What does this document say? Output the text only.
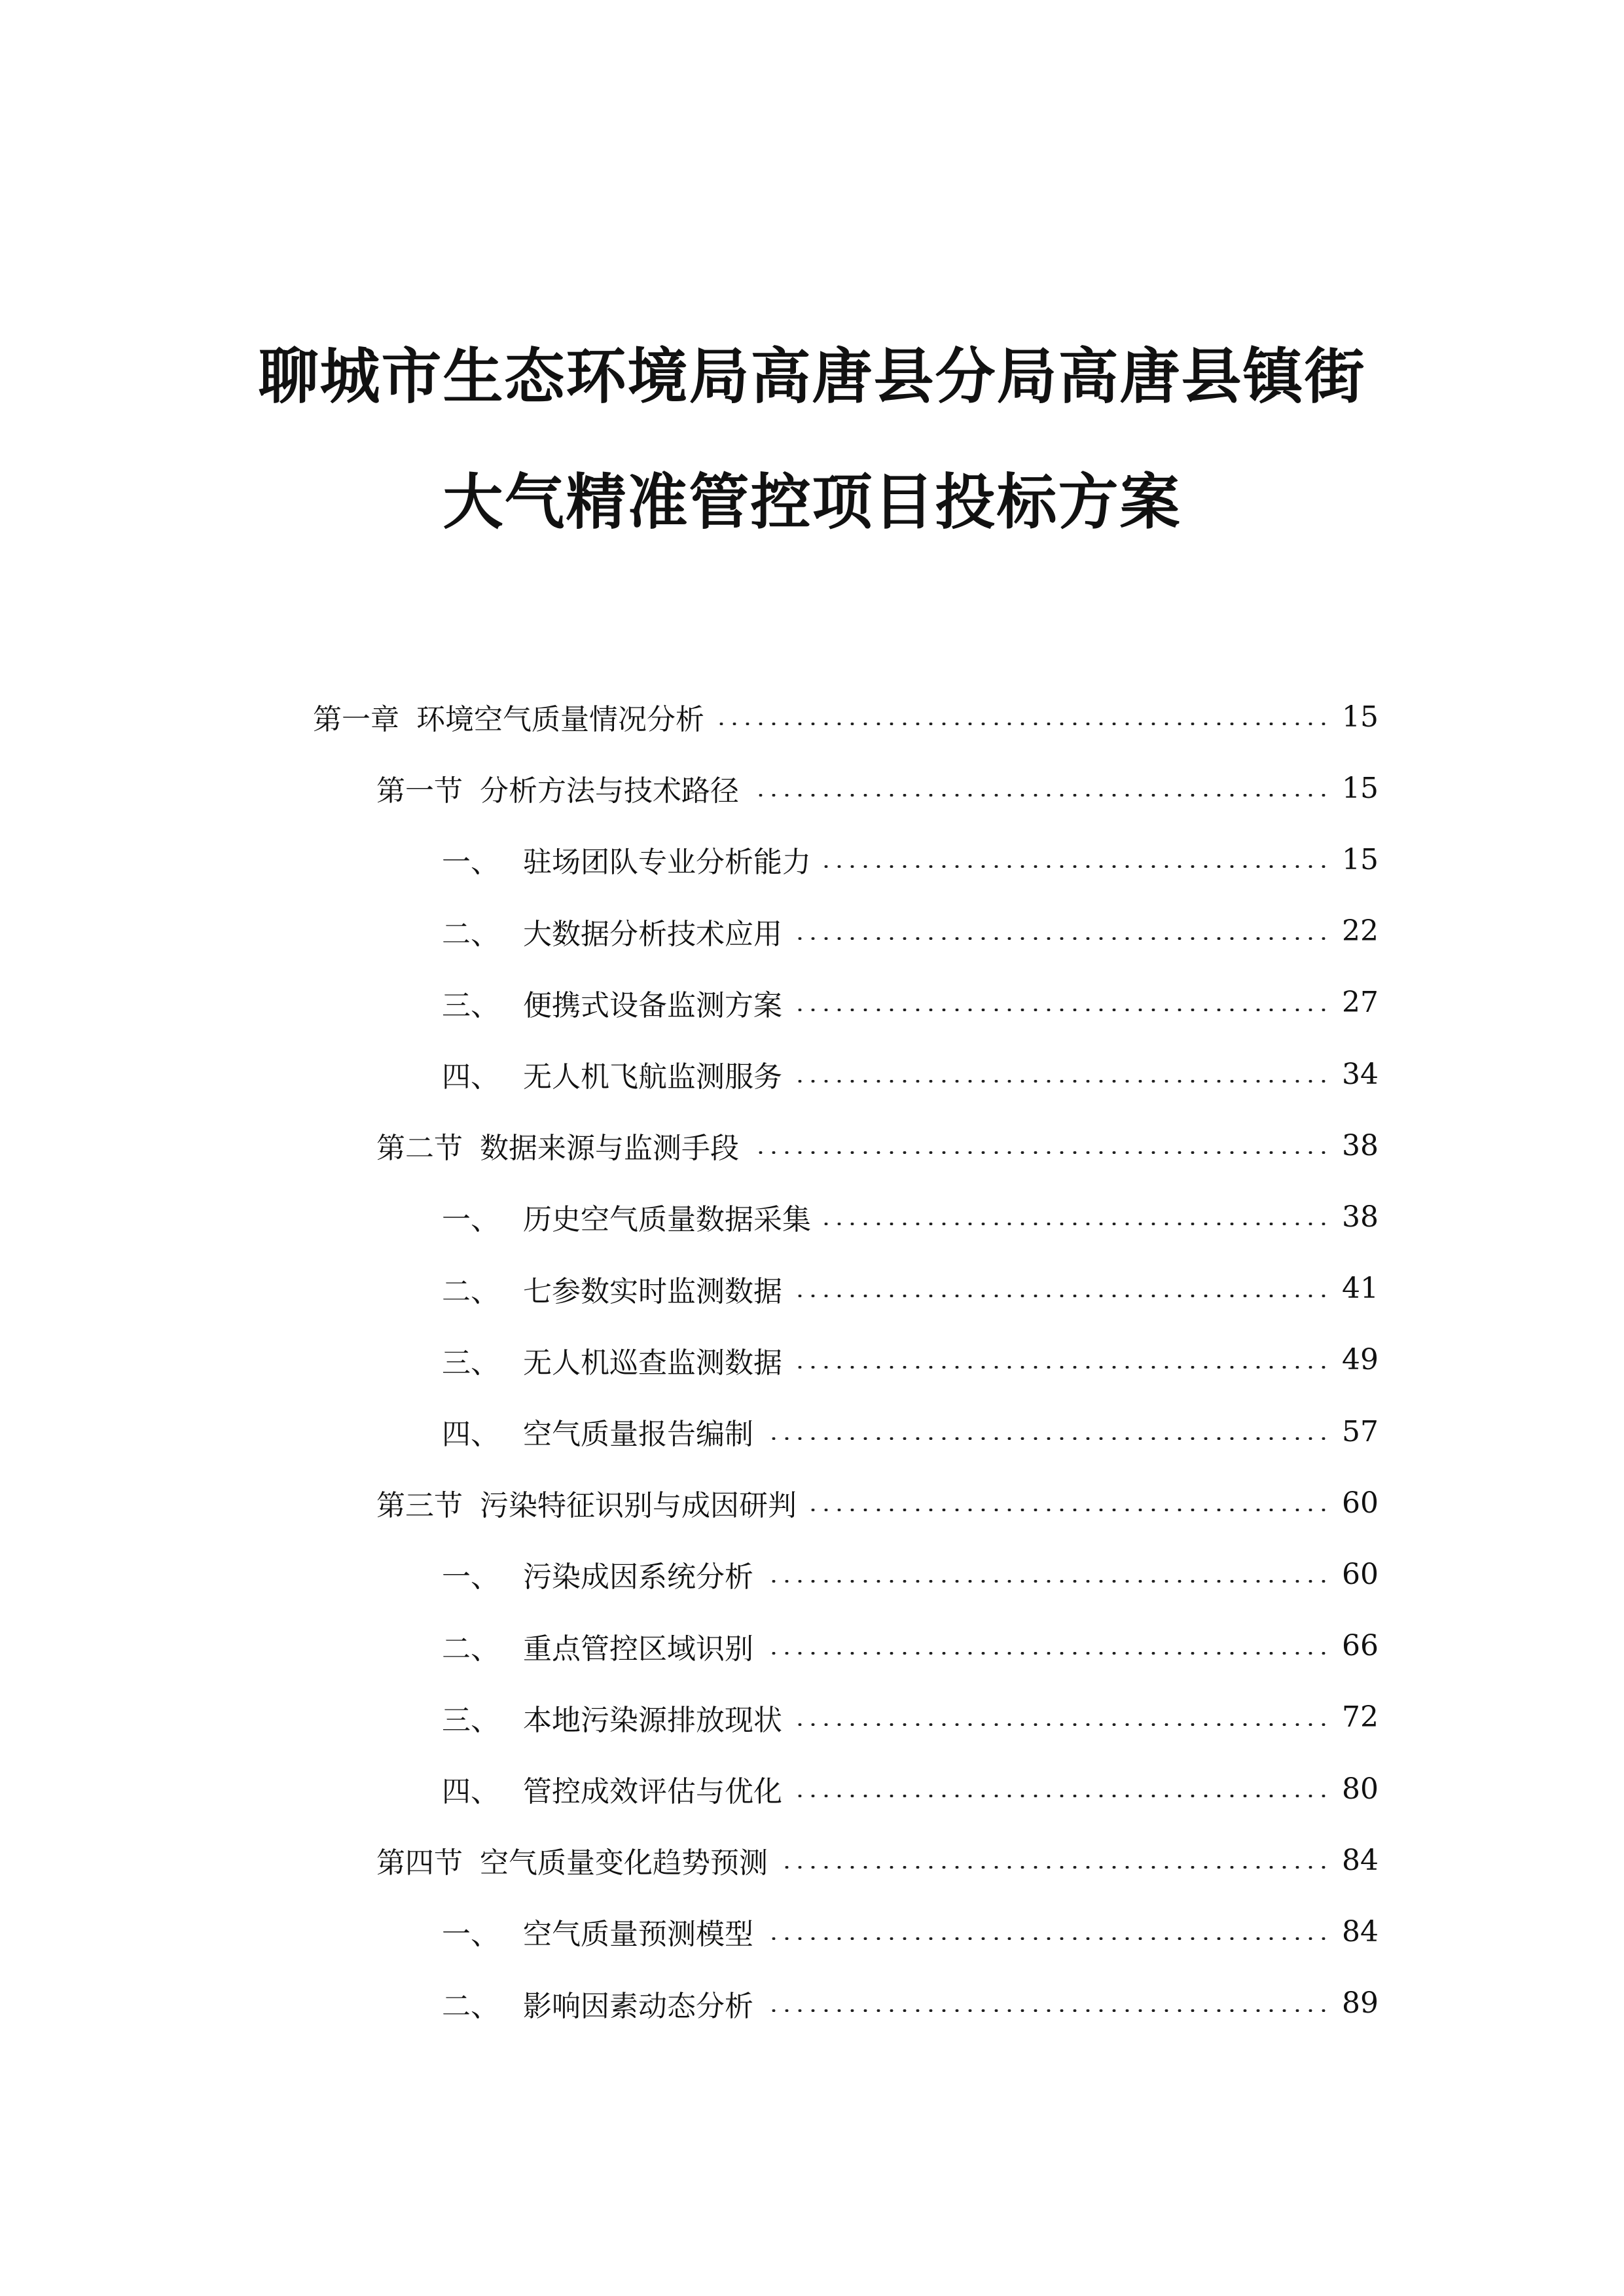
聊城市生态环境局高唐县分局高唐县镇街
大气精准管控项目投标方案
第一章 环境空气质量情况分析	15
第一节 分析方法与技术路径	15
一、 驻场团队专业分析能力	15
二、 大数据分析技术应用	22
三、 便携式设备监测方案	27
四、 无人机飞航监测服务	34
第二节 数据来源与监测手段	38
一、 历史空气质量数据采集	38
二、 七参数实时监测数据	41
三、 无人机巡查监测数据	49
四、 空气质量报告编制	57
第三节 污染特征识别与成因研判	60
一、 污染成因系统分析	60
二、 重点管控区域识别	66
三、 本地污染源排放现状	72
四、 管控成效评估与优化	80
第四节 空气质量变化趋势预测	84
一、 空气质量预测模型	84
二、 影响因素动态分析	89
